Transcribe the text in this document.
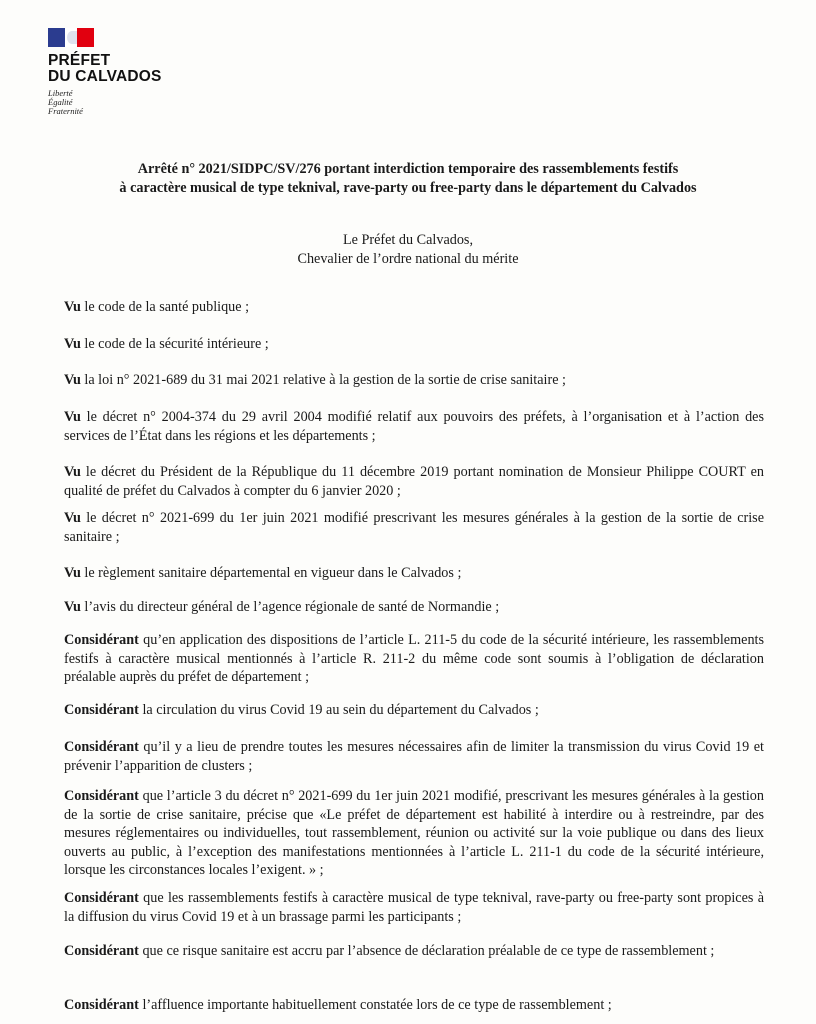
PRÉFET
DU CALVADOS
Liberté
Égalité
Fraternité
Arrêté n° 2021/SIDPC/SV/276 portant interdiction temporaire des rassemblements festifs
à caractère musical de type teknival, rave-party ou free-party dans le département du Calvados
Le Préfet du Calvados,
Chevalier de l’ordre national du mérite
Vu le code de la santé publique ;
Vu le code de la sécurité intérieure ;
Vu la loi n° 2021-689 du 31 mai 2021 relative à la gestion de la sortie de crise sanitaire ;
Vu le décret n° 2004-374 du 29 avril 2004 modifié relatif aux pouvoirs des préfets, à l’organisation et à l’action des services de l’État dans les régions et les départements ;
Vu le décret du Président de la République du 11 décembre 2019 portant nomination de Monsieur Philippe COURT en qualité de préfet du Calvados à compter du 6 janvier 2020 ;
Vu le décret n° 2021-699 du 1er juin 2021 modifié prescrivant les mesures générales à la gestion de la sortie de crise sanitaire ;
Vu le règlement sanitaire départemental en vigueur dans le Calvados ;
Vu l’avis du directeur général de l’agence régionale de santé de Normandie ;
Considérant qu’en application des dispositions de l’article L. 211-5 du code de la sécurité intérieure, les rassemblements festifs à caractère musical mentionnés à l’article R. 211-2 du même code sont soumis à l’obligation de déclaration préalable auprès du préfet de département ;
Considérant la circulation du virus Covid 19 au sein du département du Calvados ;
Considérant qu’il y a lieu de prendre toutes les mesures nécessaires afin de limiter la transmission du virus Covid 19 et prévenir l’apparition de clusters ;
Considérant que l’article 3 du décret n° 2021-699 du 1er juin 2021 modifié, prescrivant les mesures générales à la gestion de la sortie de crise sanitaire, précise que «Le préfet de département est habilité à interdire ou à restreindre, par des mesures réglementaires ou individuelles, tout rassemblement, réunion ou activité sur la voie publique ou dans des lieux ouverts au public, à l’exception des manifestations mentionnées à l’article L. 211-1 du code de la sécurité intérieure, lorsque les circonstances locales l’exigent. » ;
Considérant que les rassemblements festifs à caractère musical de type teknival, rave-party ou free-party sont propices à la diffusion du virus Covid 19 et à un brassage parmi les participants ;
Considérant que ce risque sanitaire est accru par l’absence de déclaration préalable de ce type de rassemblement ;
Considérant l’affluence importante habituellement constatée lors de ce type de rassemblement ;
